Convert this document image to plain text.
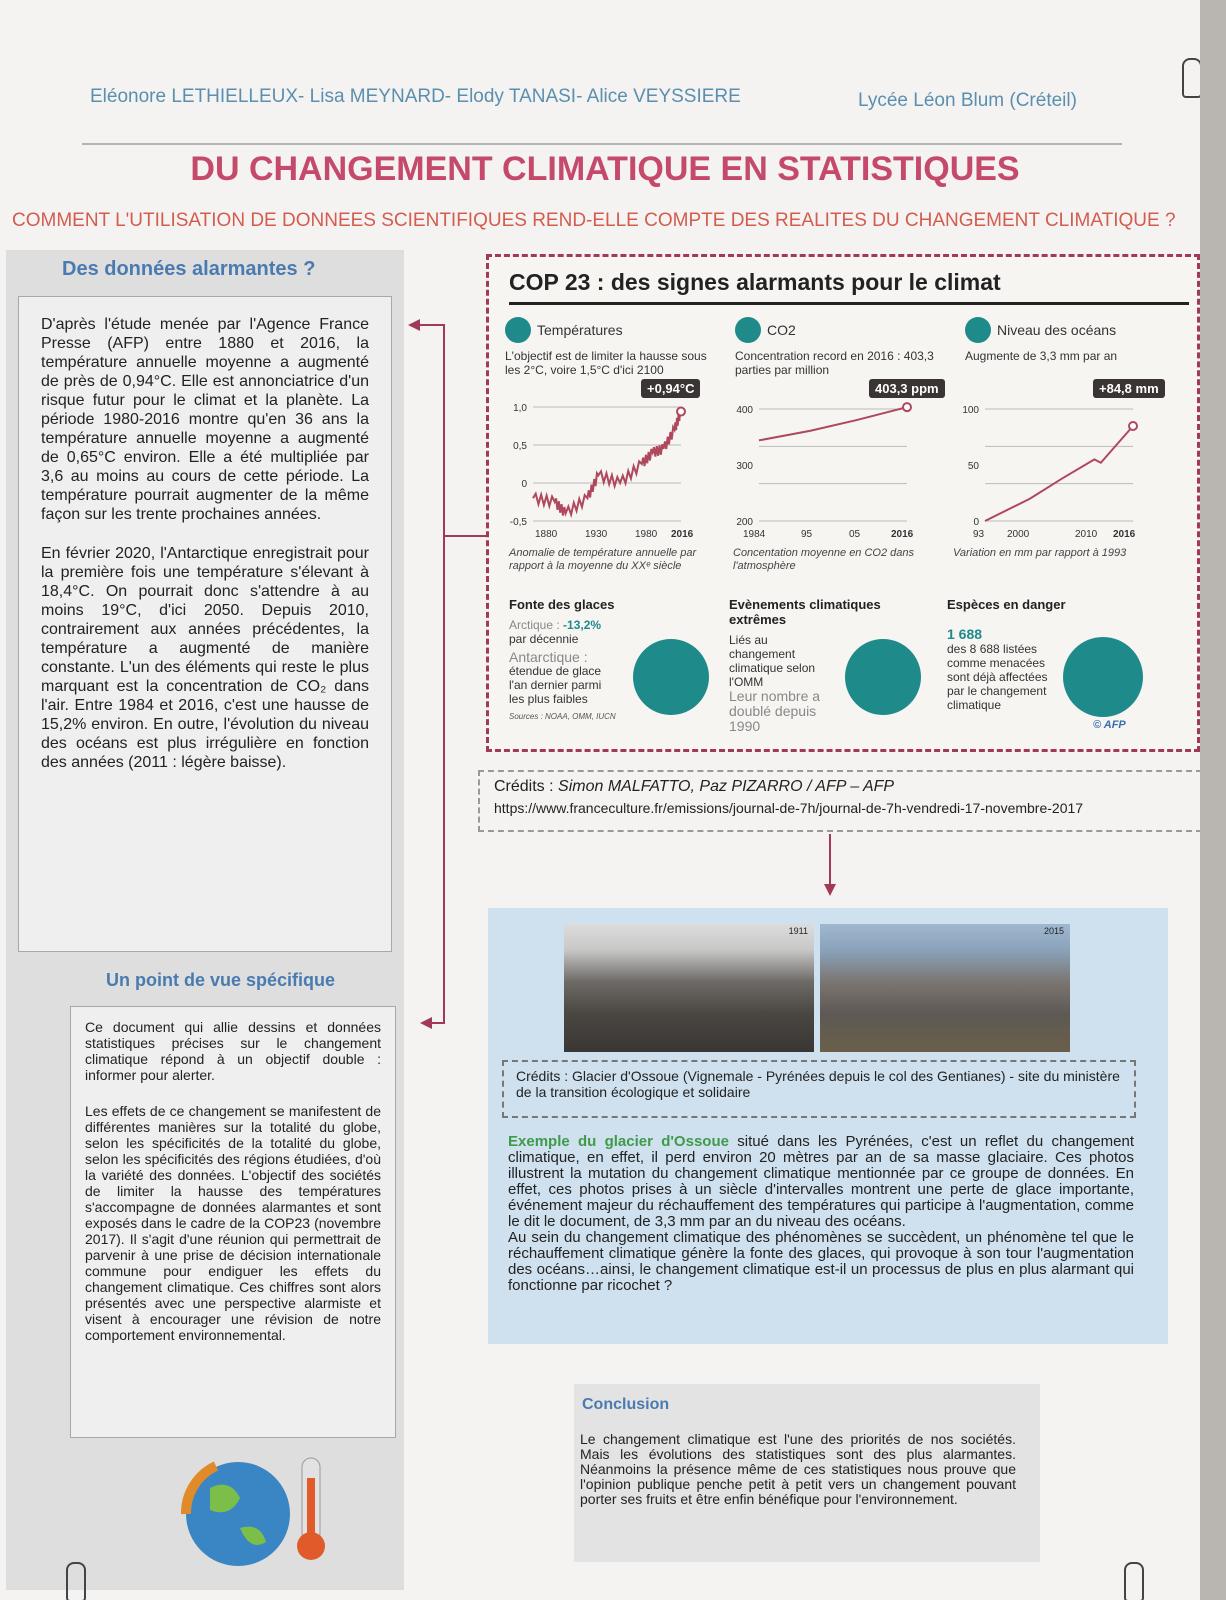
Eléonore LETHIELLEUX- Lisa MEYNARD- Elody TANASI- Alice VEYSSIERE	Lycée Léon Blum (Créteil)
DU CHANGEMENT CLIMATIQUE EN STATISTIQUES
COMMENT L'UTILISATION DE DONNEES SCIENTIFIQUES REND-ELLE COMPTE DES REALITES DU CHANGEMENT CLIMATIQUE ?
Des données alarmantes ?

D'après l'étude menée par l'Agence France Presse (AFP) entre 1880 et 2016, la température annuelle moyenne a augmenté de près de 0,94°C. Elle est annonciatrice d'un risque futur pour le climat et la planète. La période 1980-2016 montre qu'en 36 ans la température annuelle moyenne a augmenté de 0,65°C environ. Elle a été multipliée par 3,6 au moins au cours de cette période. La température pourrait augmenter de la même façon sur les trente prochaines années.

En février 2020, l'Antarctique enregistrait pour la première fois une température s'élevant à 18,4°C. On pourrait donc s'attendre à au moins 19°C, d'ici 2050. Depuis 2010, contrairement aux années précédentes, la température a augmenté de manière constante. L'un des éléments qui reste le plus marquant est la concentration de CO₂ dans l'air. Entre 1984 et 2016, c'est une hausse de 15,2% environ. En outre, l'évolution du niveau des océans est plus irrégulière en fonction des années (2011 : légère baisse).

Un point de vue spécifique

Ce document qui allie dessins et données statistiques précises sur le changement climatique répond à un objectif double : informer pour alerter.

Les effets de ce changement se manifestent de différentes manières sur la totalité du globe, selon les spécificités de la totalité du globe, selon les spécificités des régions étudiées, d'où la variété des données. L'objectif des sociétés de limiter la hausse des températures s'accompagne de données alarmantes et sont exposés dans le cadre de la COP23 (novembre 2017). Il s'agit d'une réunion qui permettrait de parvenir à une prise de décision internationale commune pour endiguer les effets du changement climatique. Ces chiffres sont alors présentés avec une perspective alarmiste et visent à encourager une révision de notre comportement environnemental.

COP 23 : des signes alarmants pour le climat
Températures
L'objectif est de limiter la hausse sous les 2°C, voire 1,5°C d'ici 2100
+0,94°C
1,0
0,5
0
-0,5
1880	1930	1980 2016
Anomalie de température annuelle par rapport à la moyenne du XXᵉ siècle
CO2
Concentration record en 2016 : 403,3 parties par million
403,3 ppm
400
300
200
1984	95	05	2016
Concentation moyenne en CO2 dans l'atmosphère
Niveau des océans
Augmente de 3,3 mm par an
+84,8 mm
100
50
0
93 2000	2010 2016
Variation en mm par rapport à 1993
Fonte des glaces
Arctique : -13,2%
par décennie
Antarctique :
étendue de glace l'an dernier parmi les plus faibles
Sources : NOAA, OMM, IUCN
Evènements climatiques extrêmes
Liés au changement climatique selon l'OMM
Leur nombre a doublé depuis 1990
Espèces en danger
1 688
des 8 688 listées comme menacées sont déjà affectées par le changement climatique
© AFP
Crédits : Simon MALFATTO, Paz PIZARRO / AFP – AFP
https://www.franceculture.fr/emissions/journal-de-7h/journal-de-7h-vendredi-17-novembre-2017
1911	2015
Crédits : Glacier d'Ossoue (Vignemale - Pyrénées depuis le col des Gentianes) - site du ministère de la transition écologique et solidaire
Exemple du glacier d'Ossoue situé dans les Pyrénées, c'est un reflet du changement climatique, en effet, il perd environ 20 mètres par an de sa masse glaciaire. Ces photos illustrent la mutation du changement climatique mentionnée par ce groupe de données. En effet, ces photos prises à un siècle d'intervalles montrent une perte de glace importante, événement majeur du réchauffement des températures qui participe à l'augmentation, comme le dit le document, de 3,3 mm par an du niveau des océans.
Au sein du changement climatique des phénomènes se succèdent, un phénomène tel que le réchauffement climatique génère la fonte des glaces, qui provoque à son tour l'augmentation des océans…ainsi, le changement climatique est-il un processus de plus en plus alarmant qui fonctionne par ricochet ?
Conclusion
Le changement climatique est l'une des priorités de nos sociétés. Mais les évolutions des statistiques sont des plus alarmantes. Néanmoins la présence même de ces statistiques nous prouve que l'opinion publique penche petit à petit vers un changement pouvant porter ses fruits et être enfin bénéfique pour l'environnement.
